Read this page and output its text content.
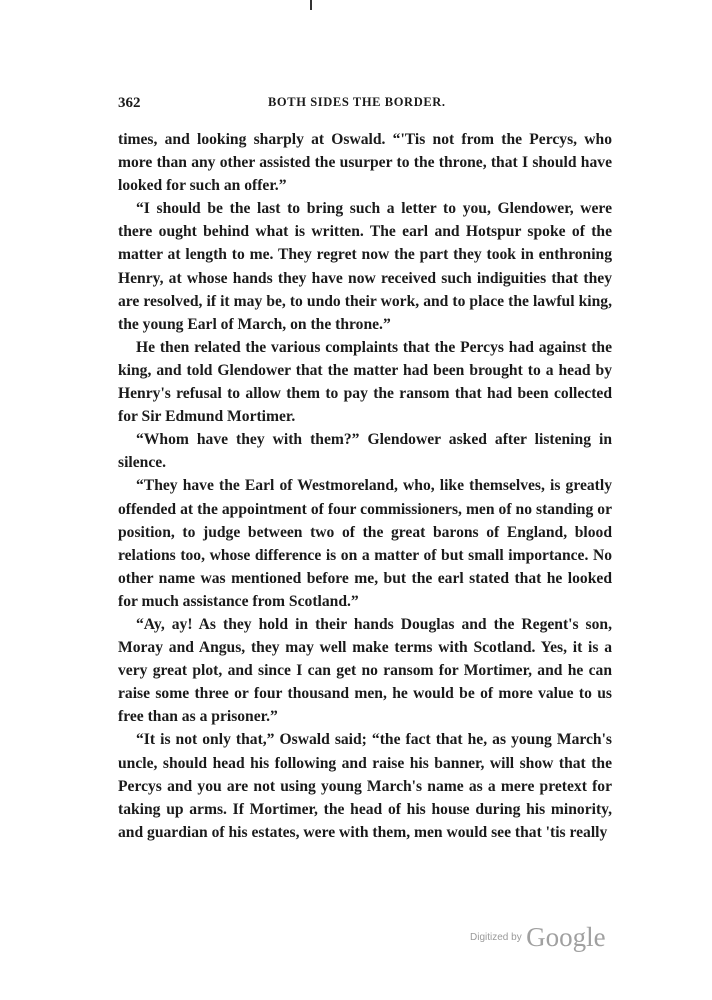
362	BOTH SIDES THE BORDER.

times, and looking sharply at Oswald. “'Tis not from the Percys, who more than any other assisted the usurper to the throne, that I should have looked for such an offer.”

“I should be the last to bring such a letter to you, Glendower, were there ought behind what is written. The earl and Hotspur spoke of the matter at length to me. They regret now the part they took in enthroning Henry, at whose hands they have now received such indiguities that they are resolved, if it may be, to undo their work, and to place the lawful king, the young Earl of March, on the throne.”

He then related the various complaints that the Percys had against the king, and told Glendower that the matter had been brought to a head by Henry's refusal to allow them to pay the ransom that had been collected for Sir Edmund Mortimer.

“Whom have they with them?” Glendower asked after listening in silence.

“They have the Earl of Westmoreland, who, like themselves, is greatly offended at the appointment of four commissioners, men of no standing or position, to judge between two of the great barons of England, blood relations too, whose difference is on a matter of but small importance. No other name was mentioned before me, but the earl stated that he looked for much assistance from Scotland.”

“Ay, ay! As they hold in their hands Douglas and the Regent's son, Moray and Angus, they may well make terms with Scotland. Yes, it is a very great plot, and since I can get no ransom for Mortimer, and he can raise some three or four thousand men, he would be of more value to us free than as a prisoner.”

“It is not only that,” Oswald said; “the fact that he, as young March's uncle, should head his following and raise his banner, will show that the Percys and you are not using young March's name as a mere pretext for taking up arms. If Mortimer, the head of his house during his minority, and guardian of his estates, were with them, men would see that 'tis really

Digitized by Google
